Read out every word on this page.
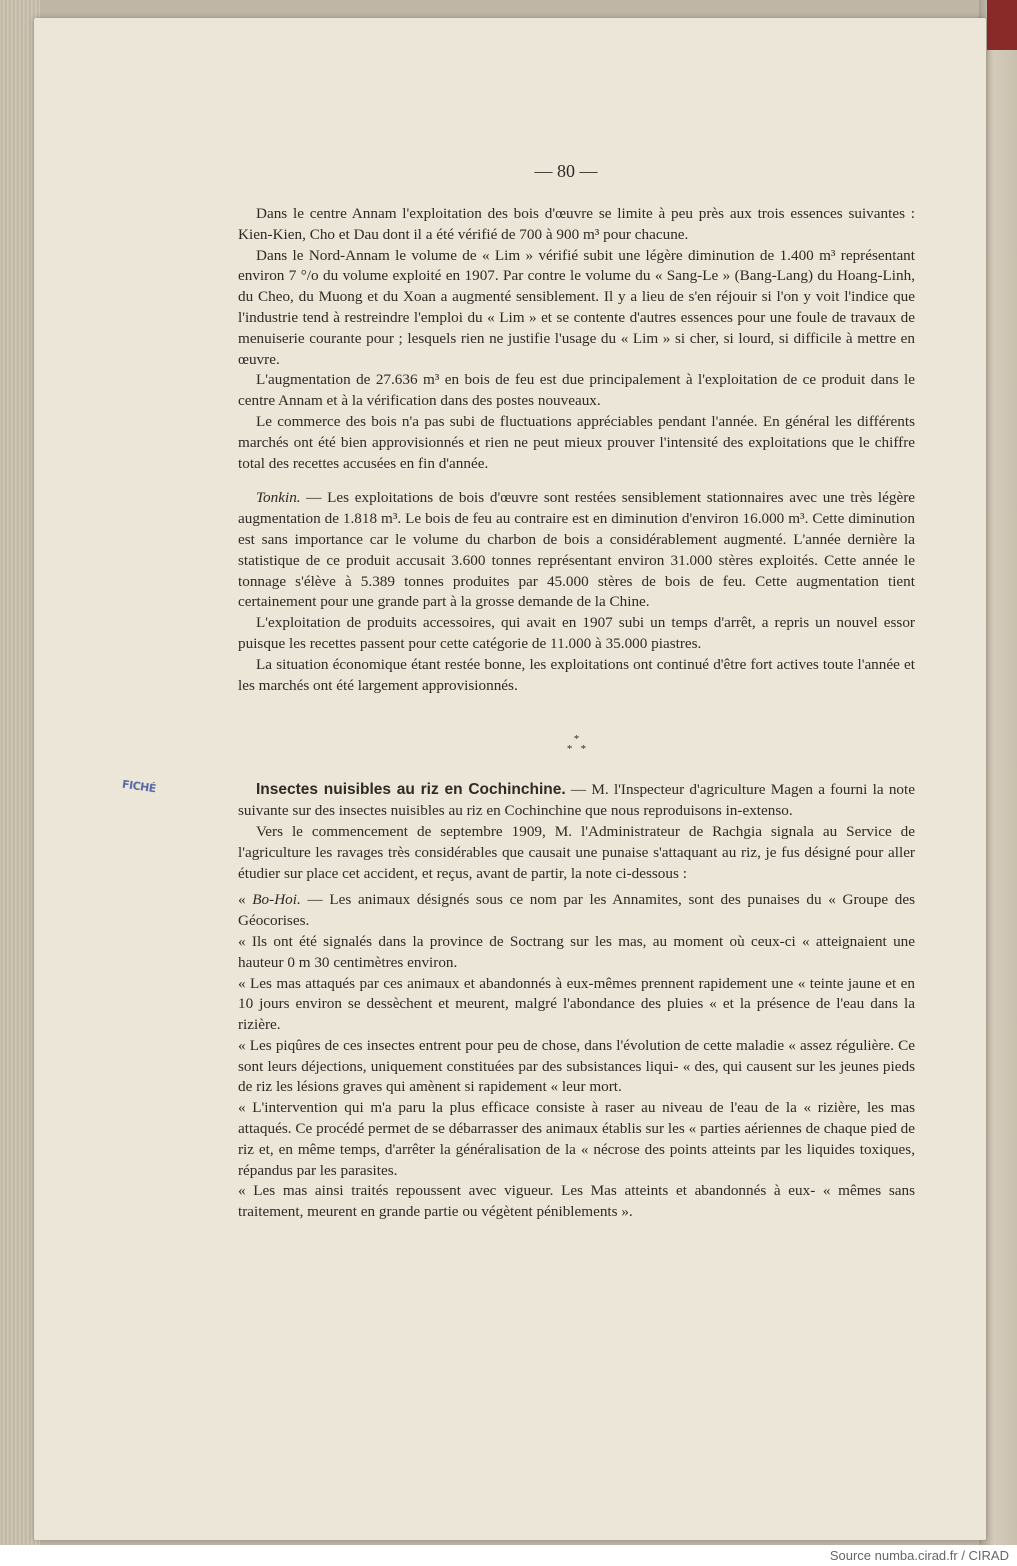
— 80 —
FICHÉ

Dans le centre Annam l'exploitation des bois d'œuvre se limite à peu près aux trois essences suivantes : Kien-Kien, Cho et Dau dont il a été vérifié de 700 à 900 m³ pour chacune.

Dans le Nord-Annam le volume de « Lim » vérifié subit une légère diminution de 1.400 m³ représentant environ 7 °/o du volume exploité en 1907. Par contre le volume du « Sang-Le » (Bang-Lang) du Hoang-Linh, du Cheo, du Muong et du Xoan a augmenté sensiblement. Il y a lieu de s'en réjouir si l'on y voit l'indice que l'industrie tend à restreindre l'emploi du « Lim » et se contente d'autres essences pour une foule de travaux de menuiserie courante pour ; lesquels rien ne justifie l'usage du « Lim » si cher, si lourd, si difficile à mettre en œuvre.

L'augmentation de 27.636 m³ en bois de feu est due principalement à l'exploitation de ce produit dans le centre Annam et à la vérification dans des postes nouveaux.

Le commerce des bois n'a pas subi de fluctuations appréciables pendant l'année. En général les différents marchés ont été bien approvisionnés et rien ne peut mieux prouver l'intensité des exploitations que le chiffre total des recettes accusées en fin d'année.

Tonkin. — Les exploitations de bois d'œuvre sont restées sensiblement stationnaires avec une très légère augmentation de 1.818 m³. Le bois de feu au contraire est en diminution d'environ 16.000 m³. Cette diminution est sans importance car le volume du charbon de bois a considérablement augmenté. L'année dernière la statistique de ce produit accusait 3.600 tonnes représentant environ 31.000 stères exploités. Cette année le tonnage s'élève à 5.389 tonnes produites par 45.000 stères de bois de feu. Cette augmentation tient certainement pour une grande part à la grosse demande de la Chine.

L'exploitation de produits accessoires, qui avait en 1907 subi un temps d'arrêt, a repris un nouvel essor puisque les recettes passent pour cette catégorie de 11.000 à 35.000 piastres.

La situation économique étant restée bonne, les exploitations ont continué d'être fort actives toute l'année et les marchés ont été largement approvisionnés.

*
*   *

Insectes nuisibles au riz en Cochinchine. — M. l'Inspecteur d'agriculture Magen a fourni la note suivante sur des insectes nuisibles au riz en Cochinchine que nous reproduisons in-extenso.

Vers le commencement de septembre 1909, M. l'Administrateur de Rachgia signala au Service de l'agriculture les ravages très considérables que causait une punaise s'attaquant au riz, je fus désigné pour aller étudier sur place cet accident, et reçus, avant de partir, la note ci-dessous :

« Bo-Hoi. — Les animaux désignés sous ce nom par les Annamites, sont des punaises du « Groupe des Géocorises.

« Ils ont été signalés dans la province de Soctrang sur les mas, au moment où ceux-ci « atteignaient une hauteur 0 m 30 centimètres environ.

« Les mas attaqués par ces animaux et abandonnés à eux-mêmes prennent rapidement une « teinte jaune et en 10 jours environ se dessèchent et meurent, malgré l'abondance des pluies « et la présence de l'eau dans la rizière.

« Les piqûres de ces insectes entrent pour peu de chose, dans l'évolution de cette maladie « assez régulière. Ce sont leurs déjections, uniquement constituées par des subsistances liqui- « des, qui causent sur les jeunes pieds de riz les lésions graves qui amènent si rapidement « leur mort.

« L'intervention qui m'a paru la plus efficace consiste à raser au niveau de l'eau de la « rizière, les mas attaqués. Ce procédé permet de se débarrasser des animaux établis sur les « parties aériennes de chaque pied de riz et, en même temps, d'arrêter la généralisation de la « nécrose des points atteints par les liquides toxiques, répandus par les parasites.

« Les mas ainsi traités repoussent avec vigueur. Les Mas atteints et abandonnés à eux- « mêmes sans traitement, meurent en grande partie ou végètent péniblements ».

Source numba.cirad.fr / CIRAD
